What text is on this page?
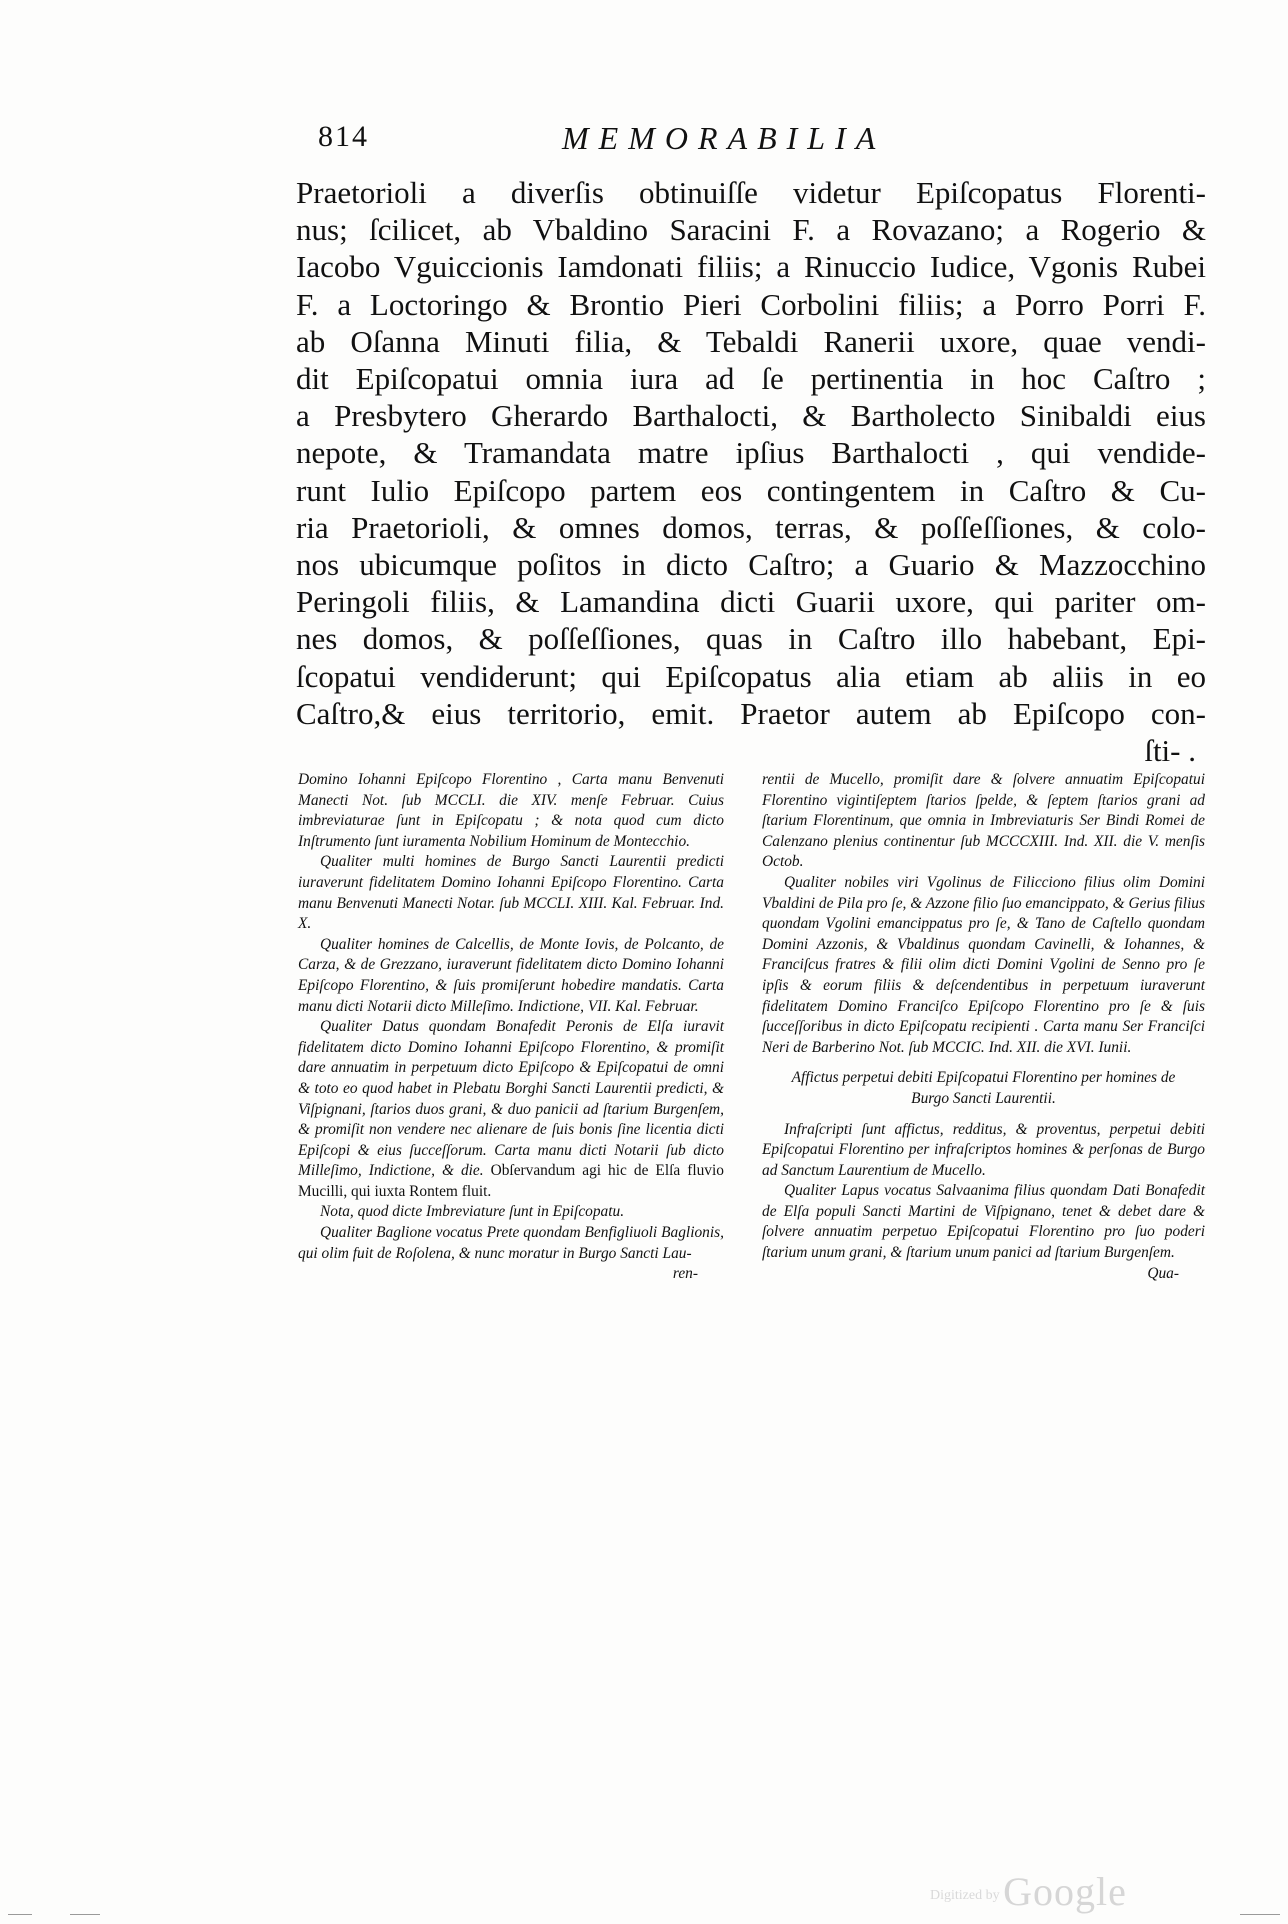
814	MEMORABILIA
Praetorioli a diverſis obtinuiſſe videtur Epiſcopatus Florenti-
nus; ſcilicet, ab Vbaldino Saracini F. a Rovazano; a Rogerio &
Iacobo Vguiccionis Iamdonati filiis; a Rinuccio Iudice, Vgonis Rubei
F. a Loctoringo & Brontio Pieri Corbolini filiis; a Porro Porri F.
ab Oſanna Minuti filia, & Tebaldi Ranerii uxore, quae vendi-
dit Epiſcopatui omnia iura ad ſe pertinentia in hoc Caſtro ;
a Presbytero Gherardo Barthalocti, & Bartholecto Sinibaldi eius
nepote, & Tramandata matre ipſius Barthalocti , qui vendide-
runt Iulio Epiſcopo partem eos contingentem in Caſtro & Cu-
ria Praetorioli, & omnes domos, terras, & poſſeſſiones, & colo-
nos ubicumque poſitos in dicto Caſtro; a Guario & Mazzocchino
Peringoli filiis, & Lamandina dicti Guarii uxore, qui pariter om-
nes domos, & poſſeſſiones, quas in Caſtro illo habebant, Epi-
ſcopatui vendiderunt; qui Epiſcopatus alia etiam ab aliis in eo
Caſtro,& eius territorio, emit. Praetor autem ab Epiſcopo con-
ſti- .

Domino Iohanni Epiſcopo Florentino , Carta manu Benvenuti Manecti Not. ſub MCCLI. die XIV. menſe Februar. Cuius imbreviaturae ſunt in Epiſcopatu ; & nota quod cum dicto Inſtrumento ſunt iuramenta Nobilium Hominum de Montecchio.

Qualiter multi homines de Burgo Sancti Laurentii predicti iuraverunt fidelitatem Domino Iohanni Epiſcopo Florentino. Carta manu Benvenuti Manecti Notar. ſub MCCLI. XIII. Kal. Februar. Ind. X.

Qualiter homines de Calcellis, de Monte Iovis, de Polcanto, de Carza, & de Grezzano, iuraverunt fidelitatem dicto Domino Iohanni Epiſcopo Florentino, & ſuis promiſerunt hobedire mandatis. Carta manu dicti Notarii dicto Milleſimo. Indictione, VII. Kal. Februar.

Qualiter Datus quondam Bonafedit Peronis de Elſa iuravit fidelitatem dicto Domino Iohanni Epiſcopo Florentino, & promiſit dare annuatim in perpetuum dicto Epiſcopo & Epiſcopatui de omni & toto eo quod habet in Plebatu Borghi Sancti Laurentii predicti, & Viſpignani, ſtarios duos grani, & duo panicii ad ſtarium Burgenſem, & promiſit non vendere nec alienare de ſuis bonis ſine licentia dicti Epiſcopi & eius ſucceſſorum. Carta manu dicti Notarii ſub dicto Milleſimo, Indictione, & die. Obſervandum agi hic de Elſa fluvio Mucilli, qui iuxta Rontem fluit.

Nota, quod dicte Imbreviature ſunt in Epiſcopatu.

Qualiter Baglione vocatus Prete quondam Benfigliuoli Baglionis, qui olim fuit de Roſolena, & nunc moratur in Burgo Sancti Lau-

ren-

rentii de Mucello, promiſit dare & ſolvere annuatim Epiſcopatui Florentino vigintiſeptem ſtarios ſpelde, & ſeptem ſtarios grani ad ſtarium Florentinum, que omnia in Imbreviaturis Ser Bindi Romei de Calenzano plenius continentur ſub MCCCXIII. Ind. XII. die V. menſis Octob.

Qualiter nobiles viri Vgolinus de Filicciono filius olim Domini Vbaldini de Pila pro ſe, & Azzone filio ſuo emancippato, & Gerius filius quondam Vgolini emancippatus pro ſe, & Tano de Caſtello quondam Domini Azzonis, & Vbaldinus quondam Cavinelli, & Iohannes, & Franciſcus fratres & filii olim dicti Domini Vgolini de Senno pro ſe ipſis & eorum filiis & deſcendentibus in perpetuum iuraverunt fidelitatem Domino Franciſco Epiſcopo Florentino pro ſe & ſuis ſucceſſoribus in dicto Epiſcopatu recipienti . Carta manu Ser Franciſci Neri de Barberino Not. ſub MCCIC. Ind. XII. die XVI. Iunii.

Affictus perpetui debiti Epiſcopatui Florentino per homines de Burgo Sancti Laurentii.

Infraſcripti ſunt affictus, redditus, & proventus, perpetui debiti Epiſcopatui Florentino per infraſcriptos homines & perſonas de Burgo ad Sanctum Laurentium de Mucello.

Qualiter Lapus vocatus Salvaanima filius quondam Dati Bonafedit de Elſa populi Sancti Martini de Viſpignano, tenet & debet dare & ſolvere annuatim perpetuo Epiſcopatui Florentino pro ſuo poderi ſtarium unum grani, & ſtarium unum panici ad ſtarium Burgenſem.

Qua-

Digitized by Google
